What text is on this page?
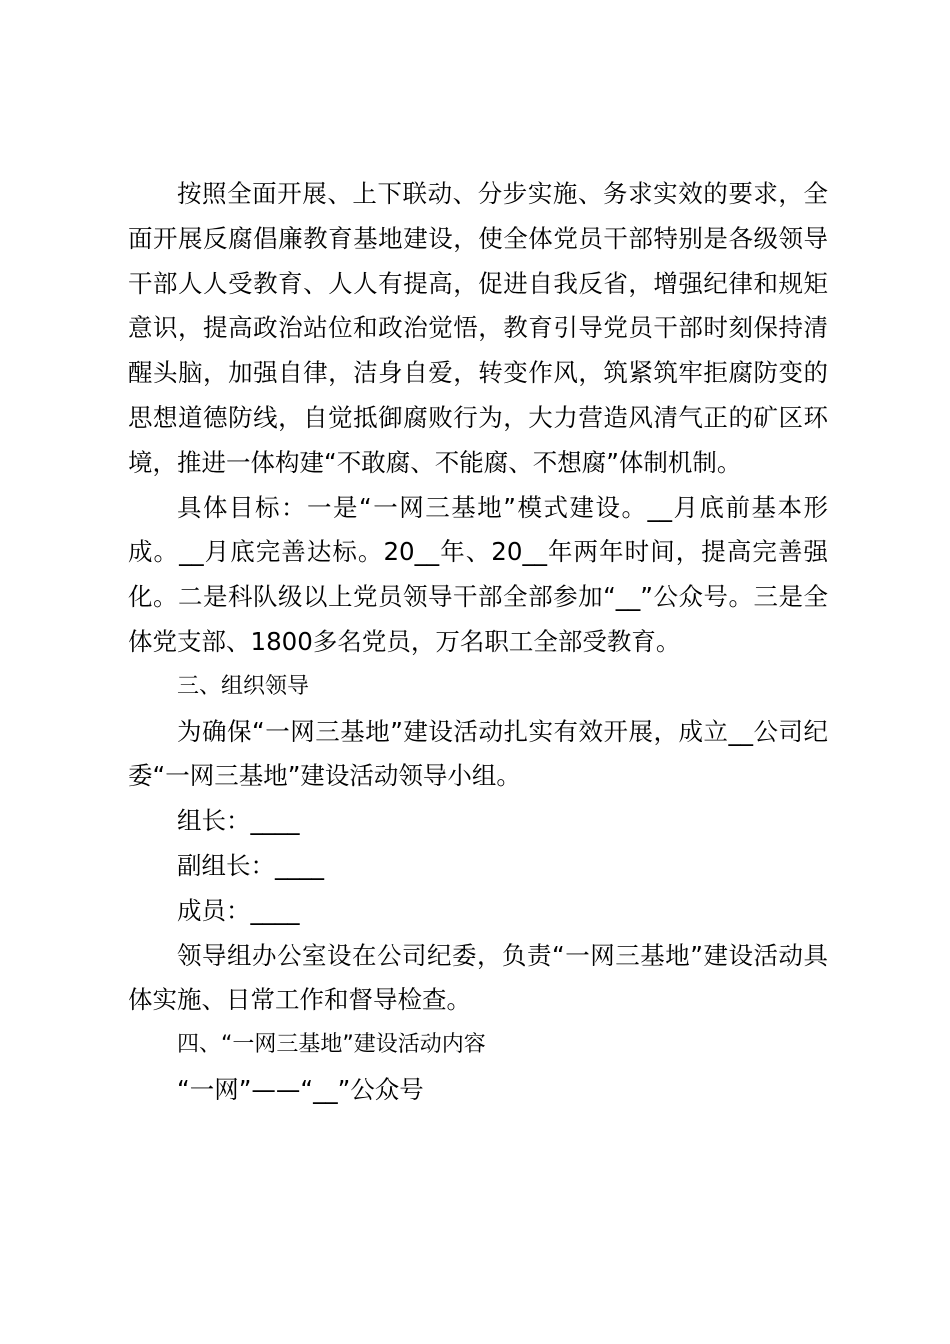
按照全面开展、上下联动、分步实施、务求实效的要求，全面开展反腐倡廉教育基地建设，使全体党员干部特别是各级领导干部人人受教育、人人有提高，促进自我反省，增强纪律和规矩意识，提高政治站位和政治觉悟，教育引导党员干部时刻保持清醒头脑，加强自律，洁身自爱，转变作风，筑紧筑牢拒腐防变的思想道德防线，自觉抵御腐败行为，大力营造风清气正的矿区环境，推进一体构建“不敢腐、不能腐、不想腐”体制机制。

具体目标：一是“一网三基地”模式建设。__月底前基本形成。__月底完善达标。20__年、20__年两年时间，提高完善强化。二是科队级以上党员领导干部全部参加“__”公众号。三是全体党支部、1800多名党员，万名职工全部受教育。

三、组织领导

为确保“一网三基地”建设活动扎实有效开展，成立__公司纪委“一网三基地”建设活动领导小组。

组长：____

副组长：____

成员：____

领导组办公室设在公司纪委，负责“一网三基地”建设活动具体实施、日常工作和督导检查。

四、“一网三基地”建设活动内容

“一网”——“__”公众号
